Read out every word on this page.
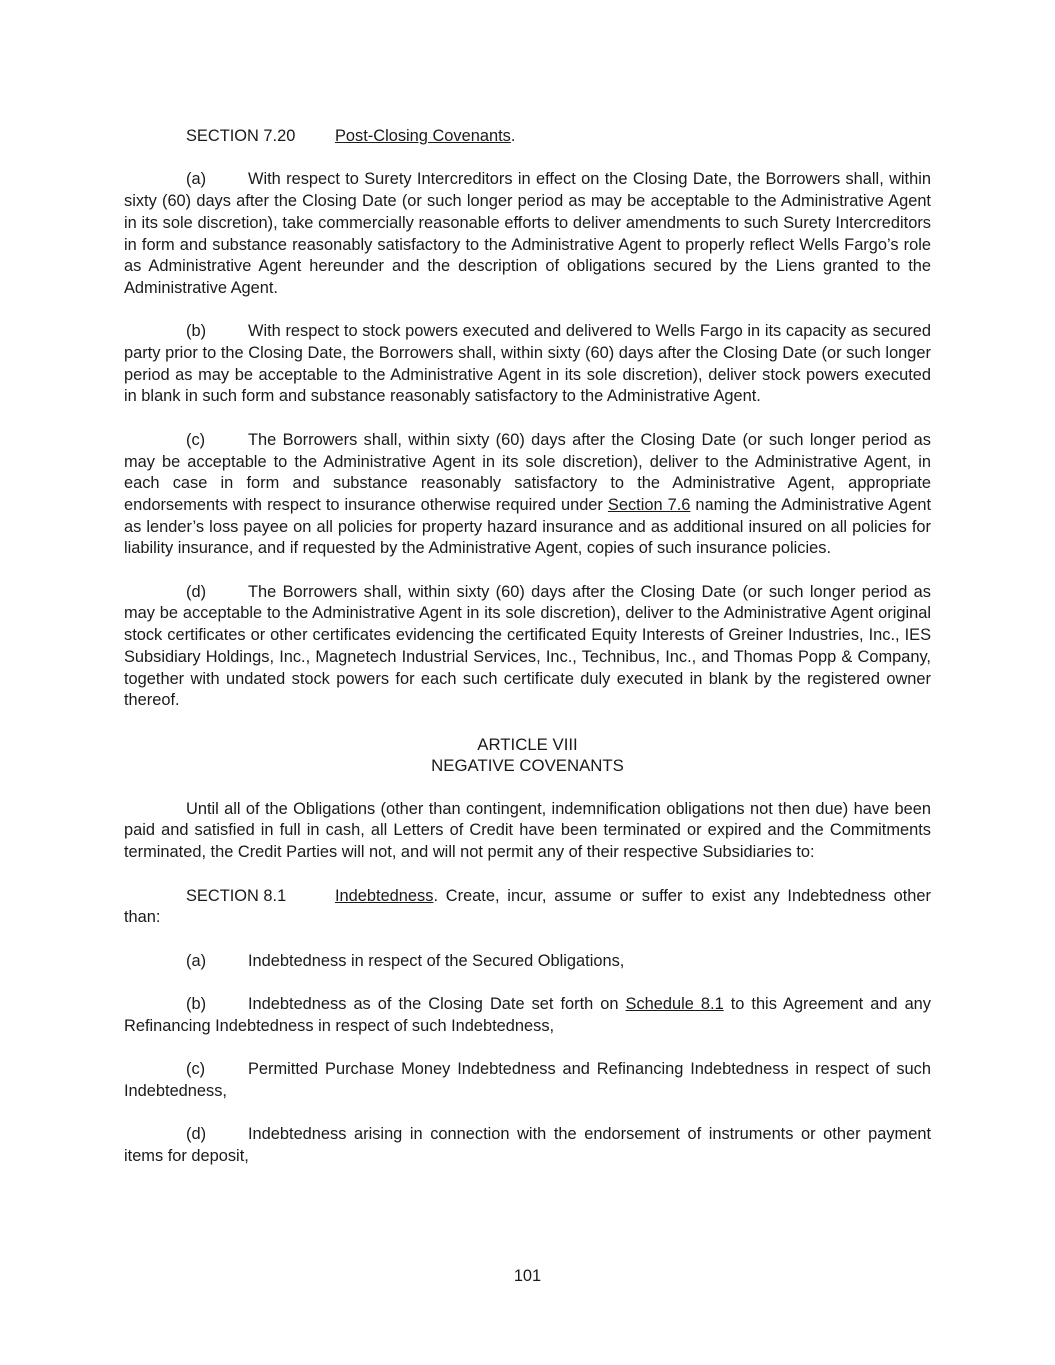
SECTION 7.20 Post-Closing Covenants.

(a)	With respect to Surety Intercreditors in effect on the Closing Date, the Borrowers shall, within sixty (60) days after the Closing Date (or such longer period as may be acceptable to the Administrative Agent in its sole discretion), take commercially reasonable efforts to deliver amendments to such Surety Intercreditors in form and substance reasonably satisfactory to the Administrative Agent to properly reflect Wells Fargo’s role as Administrative Agent hereunder and the description of obligations secured by the Liens granted to the Administrative Agent.

(b)	With respect to stock powers executed and delivered to Wells Fargo in its capacity as secured party prior to the Closing Date, the Borrowers shall, within sixty (60) days after the Closing Date (or such longer period as may be acceptable to the Administrative Agent in its sole discretion), deliver stock powers executed in blank in such form and substance reasonably satisfactory to the Administrative Agent.

(c)	The Borrowers shall, within sixty (60) days after the Closing Date (or such longer period as may be acceptable to the Administrative Agent in its sole discretion), deliver to the Administrative Agent, in each case in form and substance reasonably satisfactory to the Administrative Agent, appropriate endorsements with respect to insurance otherwise required under Section 7.6 naming the Administrative Agent as lender’s loss payee on all policies for property hazard insurance and as additional insured on all policies for liability insurance, and if requested by the Administrative Agent, copies of such insurance policies.

(d)	The Borrowers shall, within sixty (60) days after the Closing Date (or such longer period as may be acceptable to the Administrative Agent in its sole discretion), deliver to the Administrative Agent original stock certificates or other certificates evidencing the certificated Equity Interests of Greiner Industries, Inc., IES Subsidiary Holdings, Inc., Magnetech Industrial Services, Inc., Technibus, Inc., and Thomas Popp & Company, together with undated stock powers for each such certificate duly executed in blank by the registered owner thereof.

ARTICLE VIII

NEGATIVE COVENANTS

Until all of the Obligations (other than contingent, indemnification obligations not then due) have been paid and satisfied in full in cash, all Letters of Credit have been terminated or expired and the Commitments terminated, the Credit Parties will not, and will not permit any of their respective Subsidiaries to:

SECTION 8.1	Indebtedness. Create, incur, assume or suffer to exist any Indebtedness other than:

(a)	Indebtedness in respect of the Secured Obligations,

(b)	Indebtedness as of the Closing Date set forth on Schedule 8.1 to this Agreement and any Refinancing Indebtedness in respect of such Indebtedness,

(c)	Permitted Purchase Money Indebtedness and Refinancing Indebtedness in respect of such Indebtedness,

(d)	Indebtedness arising in connection with the endorsement of instruments or other payment items for deposit,

101
